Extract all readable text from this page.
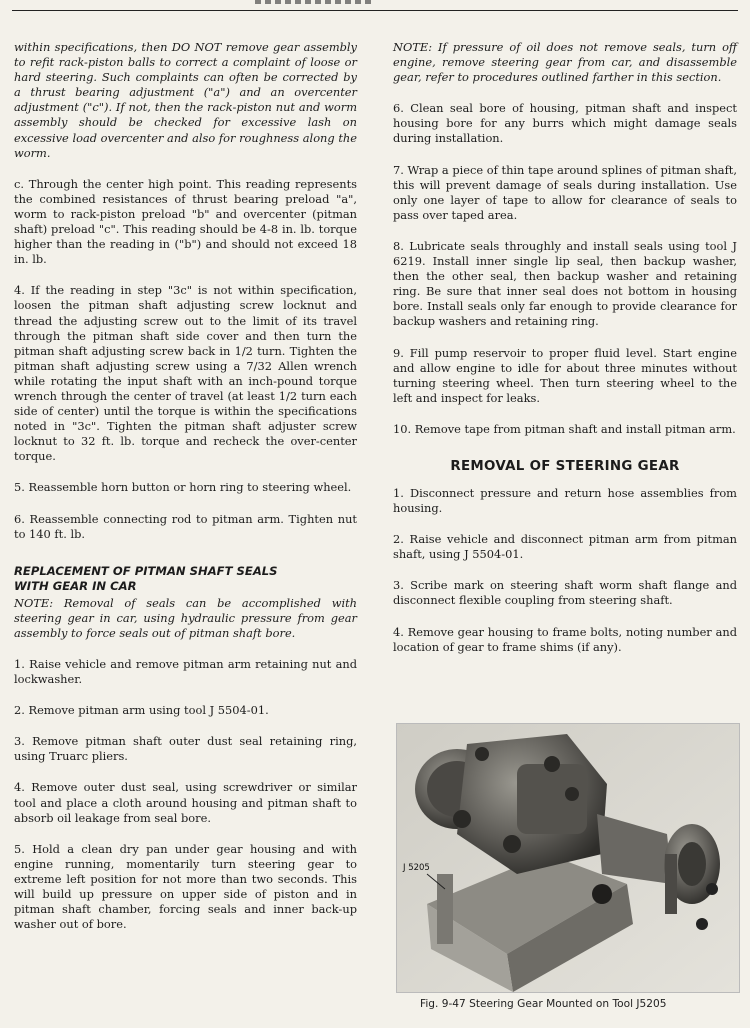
within specifications, then DO NOT remove gear assembly to refit rack-piston balls to correct a complaint of loose or hard steering. Such complaints can often be corrected by a thrust bearing adjustment ("a") and an overcenter adjustment ("c"). If not, then the rack-piston nut and worm assembly should be checked for excessive lash on excessive load overcenter and also for roughness along the worm.

c. Through the center high point. This reading represents the combined resistances of thrust bearing preload "a", worm to rack-piston preload "b" and overcenter (pitman shaft) preload "c". This reading should be 4-8 in. lb. torque higher than the reading in ("b") and should not exceed 18 in. lb.

4. If the reading in step "3c" is not within specification, loosen the pitman shaft adjusting screw locknut and thread the adjusting screw out to the limit of its travel through the pitman shaft side cover and then turn the pitman shaft adjusting screw back in 1/2 turn. Tighten the pitman shaft adjusting screw using a 7/32 Allen wrench while rotating the input shaft with an inch-pound torque wrench through the center of travel (at least 1/2 turn each side of center) until the torque is within the specifications noted in "3c". Tighten the pitman shaft adjuster screw locknut to 32 ft. lb. torque and recheck the over-center torque.

5. Reassemble horn button or horn ring to steering wheel.

6. Reassemble connecting rod to pitman arm. Tighten nut to 140 ft. lb.

REPLACEMENT OF PITMAN SHAFT SEALS WITH GEAR IN CAR

NOTE: Removal of seals can be accomplished with steering gear in car, using hydraulic pressure from gear assembly to force seals out of pitman shaft bore.

1. Raise vehicle and remove pitman arm retaining nut and lockwasher.

2. Remove pitman arm using tool J 5504-01.

3. Remove pitman shaft outer dust seal retaining ring, using Truarc pliers.

4. Remove outer dust seal, using screwdriver or similar tool and place a cloth around housing and pitman shaft to absorb oil leakage from seal bore.

5. Hold a clean dry pan under gear housing and with engine running, momentarily turn steering gear to extreme left position for not more than two seconds. This will build up pressure on upper side of piston and in pitman shaft chamber, forcing seals and inner back-up washer out of bore.

NOTE: If pressure of oil does not remove seals, turn off engine, remove steering gear from car, and disassemble gear, refer to procedures outlined farther in this section.

6. Clean seal bore of housing, pitman shaft and inspect housing bore for any burrs which might damage seals during installation.

7. Wrap a piece of thin tape around splines of pitman shaft, this will prevent damage of seals during installation. Use only one layer of tape to allow for clearance of seals to pass over taped area.

8. Lubricate seals throughly and install seals using tool J 6219. Install inner single lip seal, then backup washer, then the other seal, then backup washer and retaining ring. Be sure that inner seal does not bottom in housing bore. Install seals only far enough to provide clearance for backup washers and retaining ring.

9. Fill pump reservoir to proper fluid level. Start engine and allow engine to idle for about three minutes without turning steering wheel. Then turn steering wheel to the left and inspect for leaks.

10. Remove tape from pitman shaft and install pitman arm.

REMOVAL OF STEERING GEAR

1. Disconnect pressure and return hose assemblies from housing.

2. Raise vehicle and disconnect pitman arm from pitman shaft, using J 5504-01.

3. Scribe mark on steering shaft worm shaft flange and disconnect flexible coupling from steering shaft.

4. Remove gear housing to frame bolts, noting number and location of gear to frame shims (if any).

J 5205
Fig. 9-47 Steering Gear Mounted on Tool J5205
